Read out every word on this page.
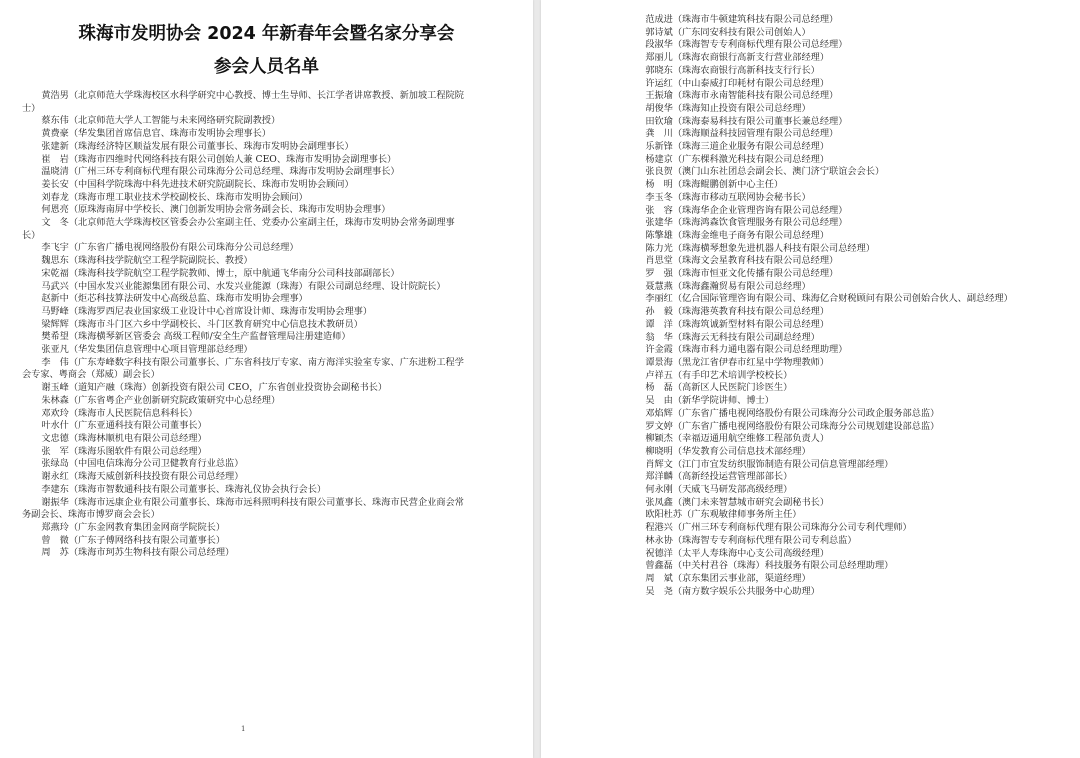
珠海市发明协会 2024 年新春年会暨名家分享会
参会人员名单
黄浩男（北京师范大学珠海校区水科学研究中心教授、博士生导师、长江学者讲席教授、新加坡工程院院士）
蔡东伟（北京师范大学人工智能与未来网络研究院副教授）
黄费豪（华发集团首席信息官、珠海市发明协会理事长）
张建新（珠海经济特区顺益发展有限公司董事长、珠海市发明协会副理事长）
崔　岩（珠海市四维时代网络科技有限公司创始人兼 CEO、珠海市发明协会副理事长）
温晓清（广州三环专利商标代理有限公司珠海分公司总经理、珠海市发明协会副理事长）
姜长安（中国科学院珠海中科先进技术研究院副院长、珠海市发明协会顾问）
刘春龙（珠海市理工职业技术学校副校长、珠海市发明协会顾问）
何恩亮（原珠海南屏中学校长、澳门创新发明协会常务副会长、珠海市发明协会理事）
文　冬（北京师范大学珠海校区管委会办公室副主任、党委办公室副主任，珠海市发明协会常务副理事长）
李飞宇（广东省广播电视网络股份有限公司珠海分公司总经理）
魏思东（珠海科技学院航空工程学院副院长、教授）
宋乾福（珠海科技学院航空工程学院教师、博士，原中航通飞华南分公司科技部副部长）
马武兴（中国水发兴业能源集团有限公司、水发兴业能源（珠海）有限公司副总经理、设计院院长）
赵新中（炬芯科技算法研发中心高级总监、珠海市发明协会理事）
马野峰（珠海罗西尼表业国家级工业设计中心首席设计师、珠海市发明协会理事）
梁辉辉（珠海市斗门区六乡中学副校长、斗门区教育研究中心信息技术教研员）
樊希望（珠海横琴新区管委会 高级工程师/安全生产监督管理局注册建造师）
张亚凡（华发集团信息管理中心项目管理部总经理）
李　伟（广东寿峰数字科技有限公司董事长、广东省科技厅专家、南方海洋实验室专家、广东进粉工程学会专家、粤商会（郑威）副会长）
谢玉峰（道知产融（珠海）创新投资有限公司 CEO，广东省创业投资协会副秘书长）
朱林森（广东省粤企产业创新研究院政策研究中心总经理）
邓欢玲（珠海市人民医院信息科科长）
叶水什（广东亚通科技有限公司董事长）
文忠德（珠海林顺机电有限公司总经理）
张　军（珠海乐图软件有限公司总经理）
张绿岛（中国电信珠海分公司卫健教育行业总监）
谢永红（珠海天威创新科技投资有限公司总经理）
李建东（珠海市智数通科技有限公司董事长、珠海礼仪协会执行会长）
谢振华（珠海市远康企业有限公司董事长、珠海市远科照明科技有限公司董事长、珠海市民营企业商会常务副会长、珠海市博罗商会会长）
郑燕玲（广东金网教育集团金网商学院院长）
曾　微（广东子傅网络科技有限公司董事长）
周　苏（珠海市珂苏生物科技有限公司总经理）
1
范成进（珠海市牛顿建筑科技有限公司总经理）
郭诗斌（广东同安科技有限公司创始人）
段淑华（珠海智专专利商标代理有限公司总经理）
郑丽儿（珠海农商银行高新支行营业部经理）
郭晓东（珠海农商银行高新科技支行行长）
许运红（中山泰威打印耗材有限公司总经理）
王振瑜（珠海市永南智能科技有限公司总经理）
胡俊华（珠海知止投资有限公司总经理）
田钦瑜（珠海泰易科技有限公司董事长兼总经理）
龚　川（珠海顺益科技园管理有限公司总经理）
乐新锋（珠海三道企业服务有限公司总经理）
杨建京（广东棵科激光科技有限公司总经理）
张良贺（澳门山东社团总会副会长、澳门济宁联谊会会长）
杨　明（珠海鲲鹏创新中心主任）
李玉冬（珠海市移动互联网协会秘书长）
张　容（珠海华企企业管理咨询有限公司总经理）
张建华（珠海鸿森饮食管理服务有限公司总经理）
陈擎雄（珠海金维电子商务有限公司总经理）
陈力光（珠海横琴想象先进机器人科技有限公司总经理）
肖思堂（珠海文会星教育科技有限公司总经理）
罗　强（珠海市恒亚文化传播有限公司总经理）
聂慧燕（珠海鑫瀚贸易有限公司总经理）
李丽红（亿合国际管理咨询有限公司、珠海亿合财税顾问有限公司创始合伙人、副总经理）
孙　毅（珠海港英教育科技有限公司总经理）
谭　洋（珠海筑诚新型材料有限公司总经理）
翁　华（珠海云无科技有限公司副总经理）
许金霞（珠海市科力通电器有限公司总经理助理）
谭景海（黑龙江省伊春市红星中学物理教师）
卢祥五（有手印艺术培训学校校长）
杨　磊（高新区人民医院门诊医生）
吴　由（新华学院讲师、博士）
邓焰辉（广东省广播电视网络股份有限公司珠海分公司政企服务部总监）
罗文婷（广东省广播电视网络股份有限公司珠海分公司规划建设部总监）
柳颖杰（幸福迈通用航空维修工程部负责人）
柳晓明（华发教育公司信息技术部经理）
肖辉文（江门市宜发纺织服饰制造有限公司信息管理部经理）
郑洋麟（高新经投运营管理部部长）
何永刚（天威飞马研发部高级经理）
张凤鑫（澳门未来智慧城市研究会副秘书长）
欧阳杜苏（广东观敏律师事务所主任）
程港兴（广州三环专利商标代理有限公司珠海分公司专利代理师）
林永协（珠海智专专利商标代理有限公司专利总监）
祝德洋（太平人寿珠海中心支公司高级经理）
曾鑫磊（中关村君谷（珠海）科技服务有限公司总经理助理）
周　斌（京东集团云事业部，渠道经理）
吴　尧（南方数字娱乐公共服务中心助理）
